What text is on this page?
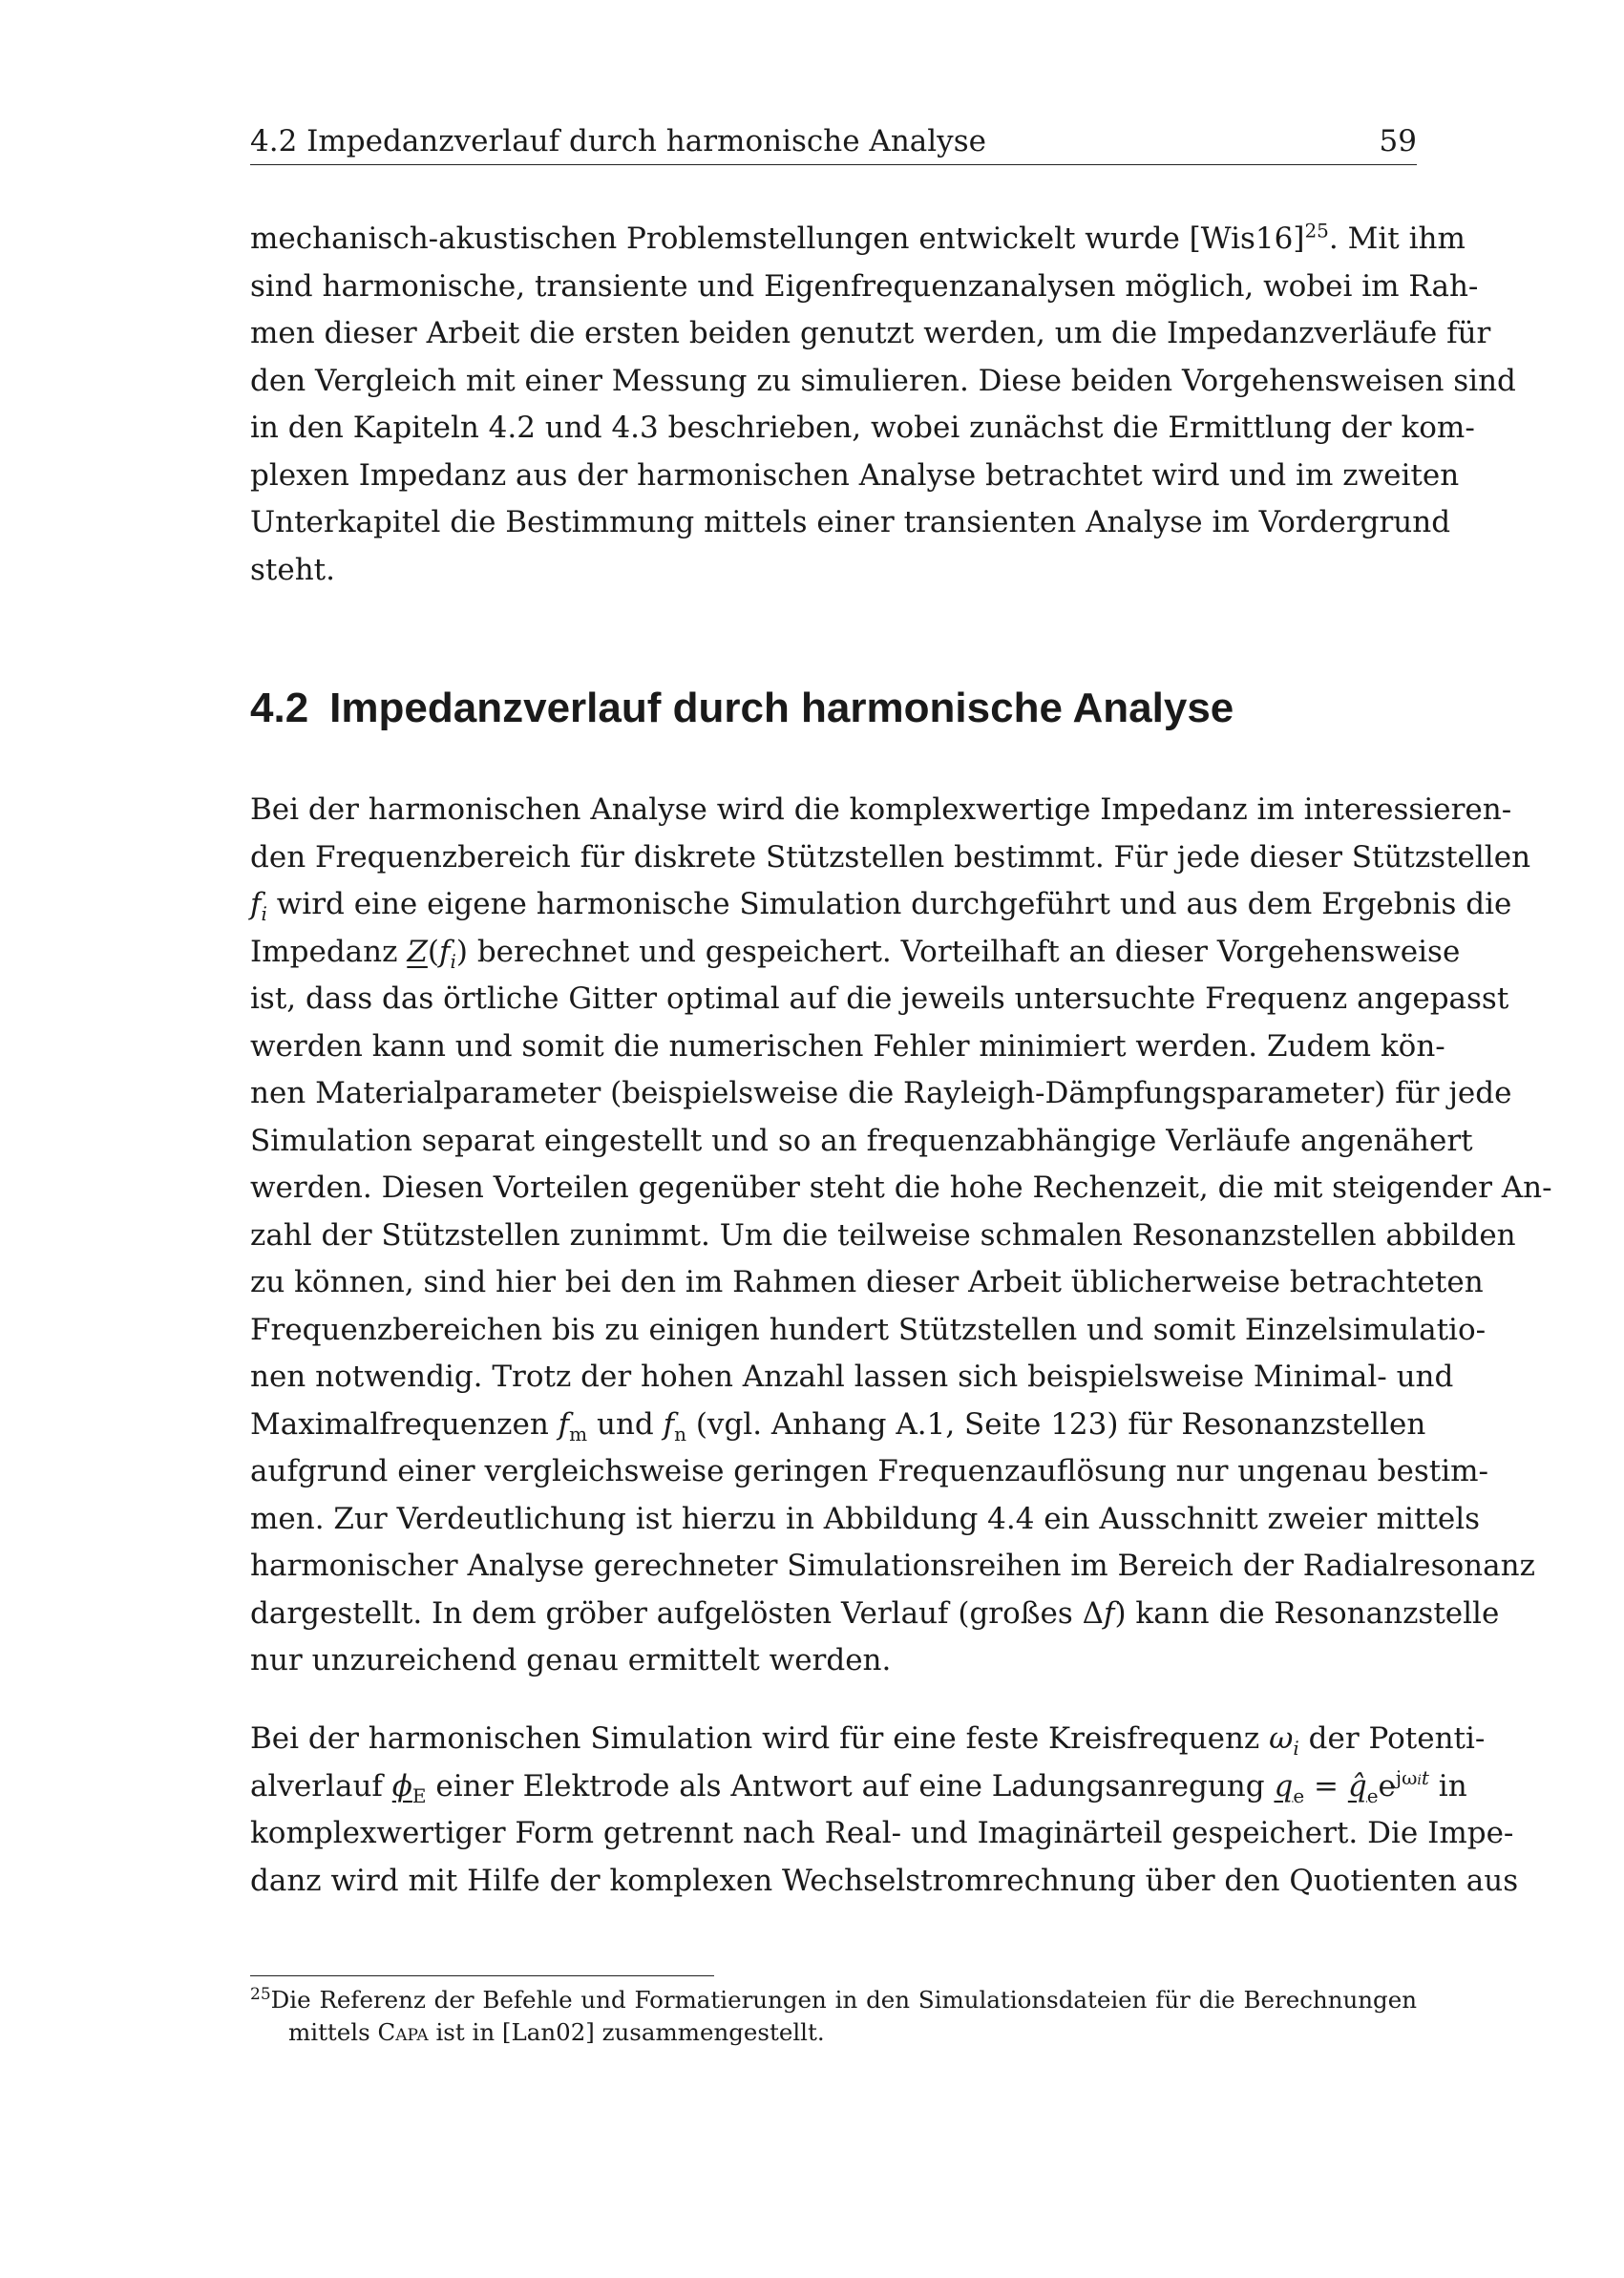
4.2 Impedanzverlauf durch harmonische Analyse	59
mechanisch-akustischen Problemstellungen entwickelt wurde $[Wis16]^{25}$. Mit ihm
sind harmonische, transiente und Eigenfrequenzanalysen möglich, wobei im Rah-
men dieser Arbeit die ersten beiden genutzt werden, um die Impedanzverläufe für
den Vergleich mit einer Messung zu simulieren. Diese beiden Vorgehensweisen sind
in den Kapiteln 4.2 und 4.3 beschrieben, wobei zunächst die Ermittlung der kom-
plexen Impedanz aus der harmonischen Analyse betrachtet wird und im zweiten
Unterkapitel die Bestimmung mittels einer transienten Analyse im Vordergrund
steht.
4.2 Impedanzverlauf durch harmonische Analyse
Bei der harmonischen Analyse wird die komplexwertige Impedanz im interessieren-
den Frequenzbereich für diskrete Stützstellen bestimmt. Für jede dieser Stützstellen
$f_i$ wird eine eigene harmonische Simulation durchgeführt und aus dem Ergebnis die
Impedanz $Z(f_i)$ berechnet und gespeichert. Vorteilhaft an dieser Vorgehensweise
ist, dass das örtliche Gitter optimal auf die jeweils untersuchte Frequenz angepasst
werden kann und somit die numerischen Fehler minimiert werden. Zudem kön-
nen Materialparameter (beispielsweise die Rayleigh-Dämpfungsparameter) für jede
Simulation separat eingestellt und so an frequenzabhängige Verläufe angenähert
werden. Diesen Vorteilen gegenüber steht die hohe Rechenzeit, die mit steigender An-
zahl der Stützstellen zunimmt. Um die teilweise schmalen Resonanzstellen abbilden
zu können, sind hier bei den im Rahmen dieser Arbeit üblicherweise betrachteten
Frequenzbereichen bis zu einigen hundert Stützstellen und somit Einzelsimulatio-
nen notwendig. Trotz der hohen Anzahl lassen sich beispielsweise Minimal- und
Maximalfrequenzen $f_m$ und $f_n$ (vgl. Anhang A.1, Seite 123) für Resonanzstellen
aufgrund einer vergleichsweise geringen Frequenzauflösung nur ungenau bestim-
men. Zur Verdeutlichung ist hierzu in Abbildung 4.4 ein Ausschnitt zweier mittels
harmonischer Analyse gerechneter Simulationsreihen im Bereich der Radialresonanz
dargestellt. In dem gröber aufgelösten Verlauf (großes Δf) kann die Resonanzstelle
nur unzureichend genau ermittelt werden.
Bei der harmonischen Simulation wird für eine feste Kreisfrequenz $\omega_i$ der Potenti-
alverlauf $\phi_E$ einer Elektrode als Antwort auf eine Ladungsanregung $q_e$ = $q̂_ee^{j\omega it}$ in
komplexwertiger Form getrennt nach Real- und Imaginärteil gespeichert. Die Impe-
danz wird mit Hilfe der komplexen Wechselstromrechnung über den Quotienten aus
$^{25}$Die Referenz der Befehle und Formatierungen in den Simulationsdateien für die Berechnungen
mittels Capa ist in [Lan02] zusammengestellt.
